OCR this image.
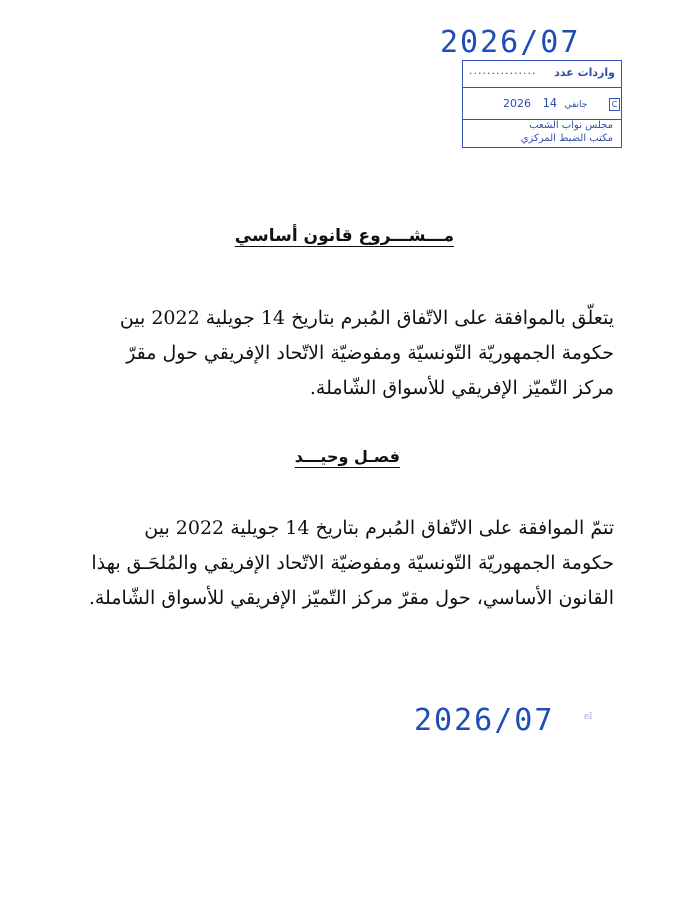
2026/07
واردات عدد
...............
2026	جانفي 14	C
مجلس نواب الشعب
مكتب الضبط المركزي
مـــشـــروع قانون أساسي
يتعلّق بالموافقة على الاتّفاق المُبرم بتاريخ 14 جويلية 2022 بين
حكومة الجمهوريّة التّونسيّة ومفوضيّة الاتّحاد الإفريقي حول مقرّ
مركز التّميّز الإفريقي للأسواق الشّاملة.
فصـل وحيـــد
تتمّ الموافقة على الاتّفاق المُبرم بتاريخ 14 جويلية 2022 بين
حكومة الجمهوريّة التّونسيّة ومفوضيّة الاتّحاد الإفريقي والمُلحَـق بهذا
القانون الأساسي، حول مقرّ مركز التّميّز الإفريقي للأسواق الشّاملة.
2026/07	el
